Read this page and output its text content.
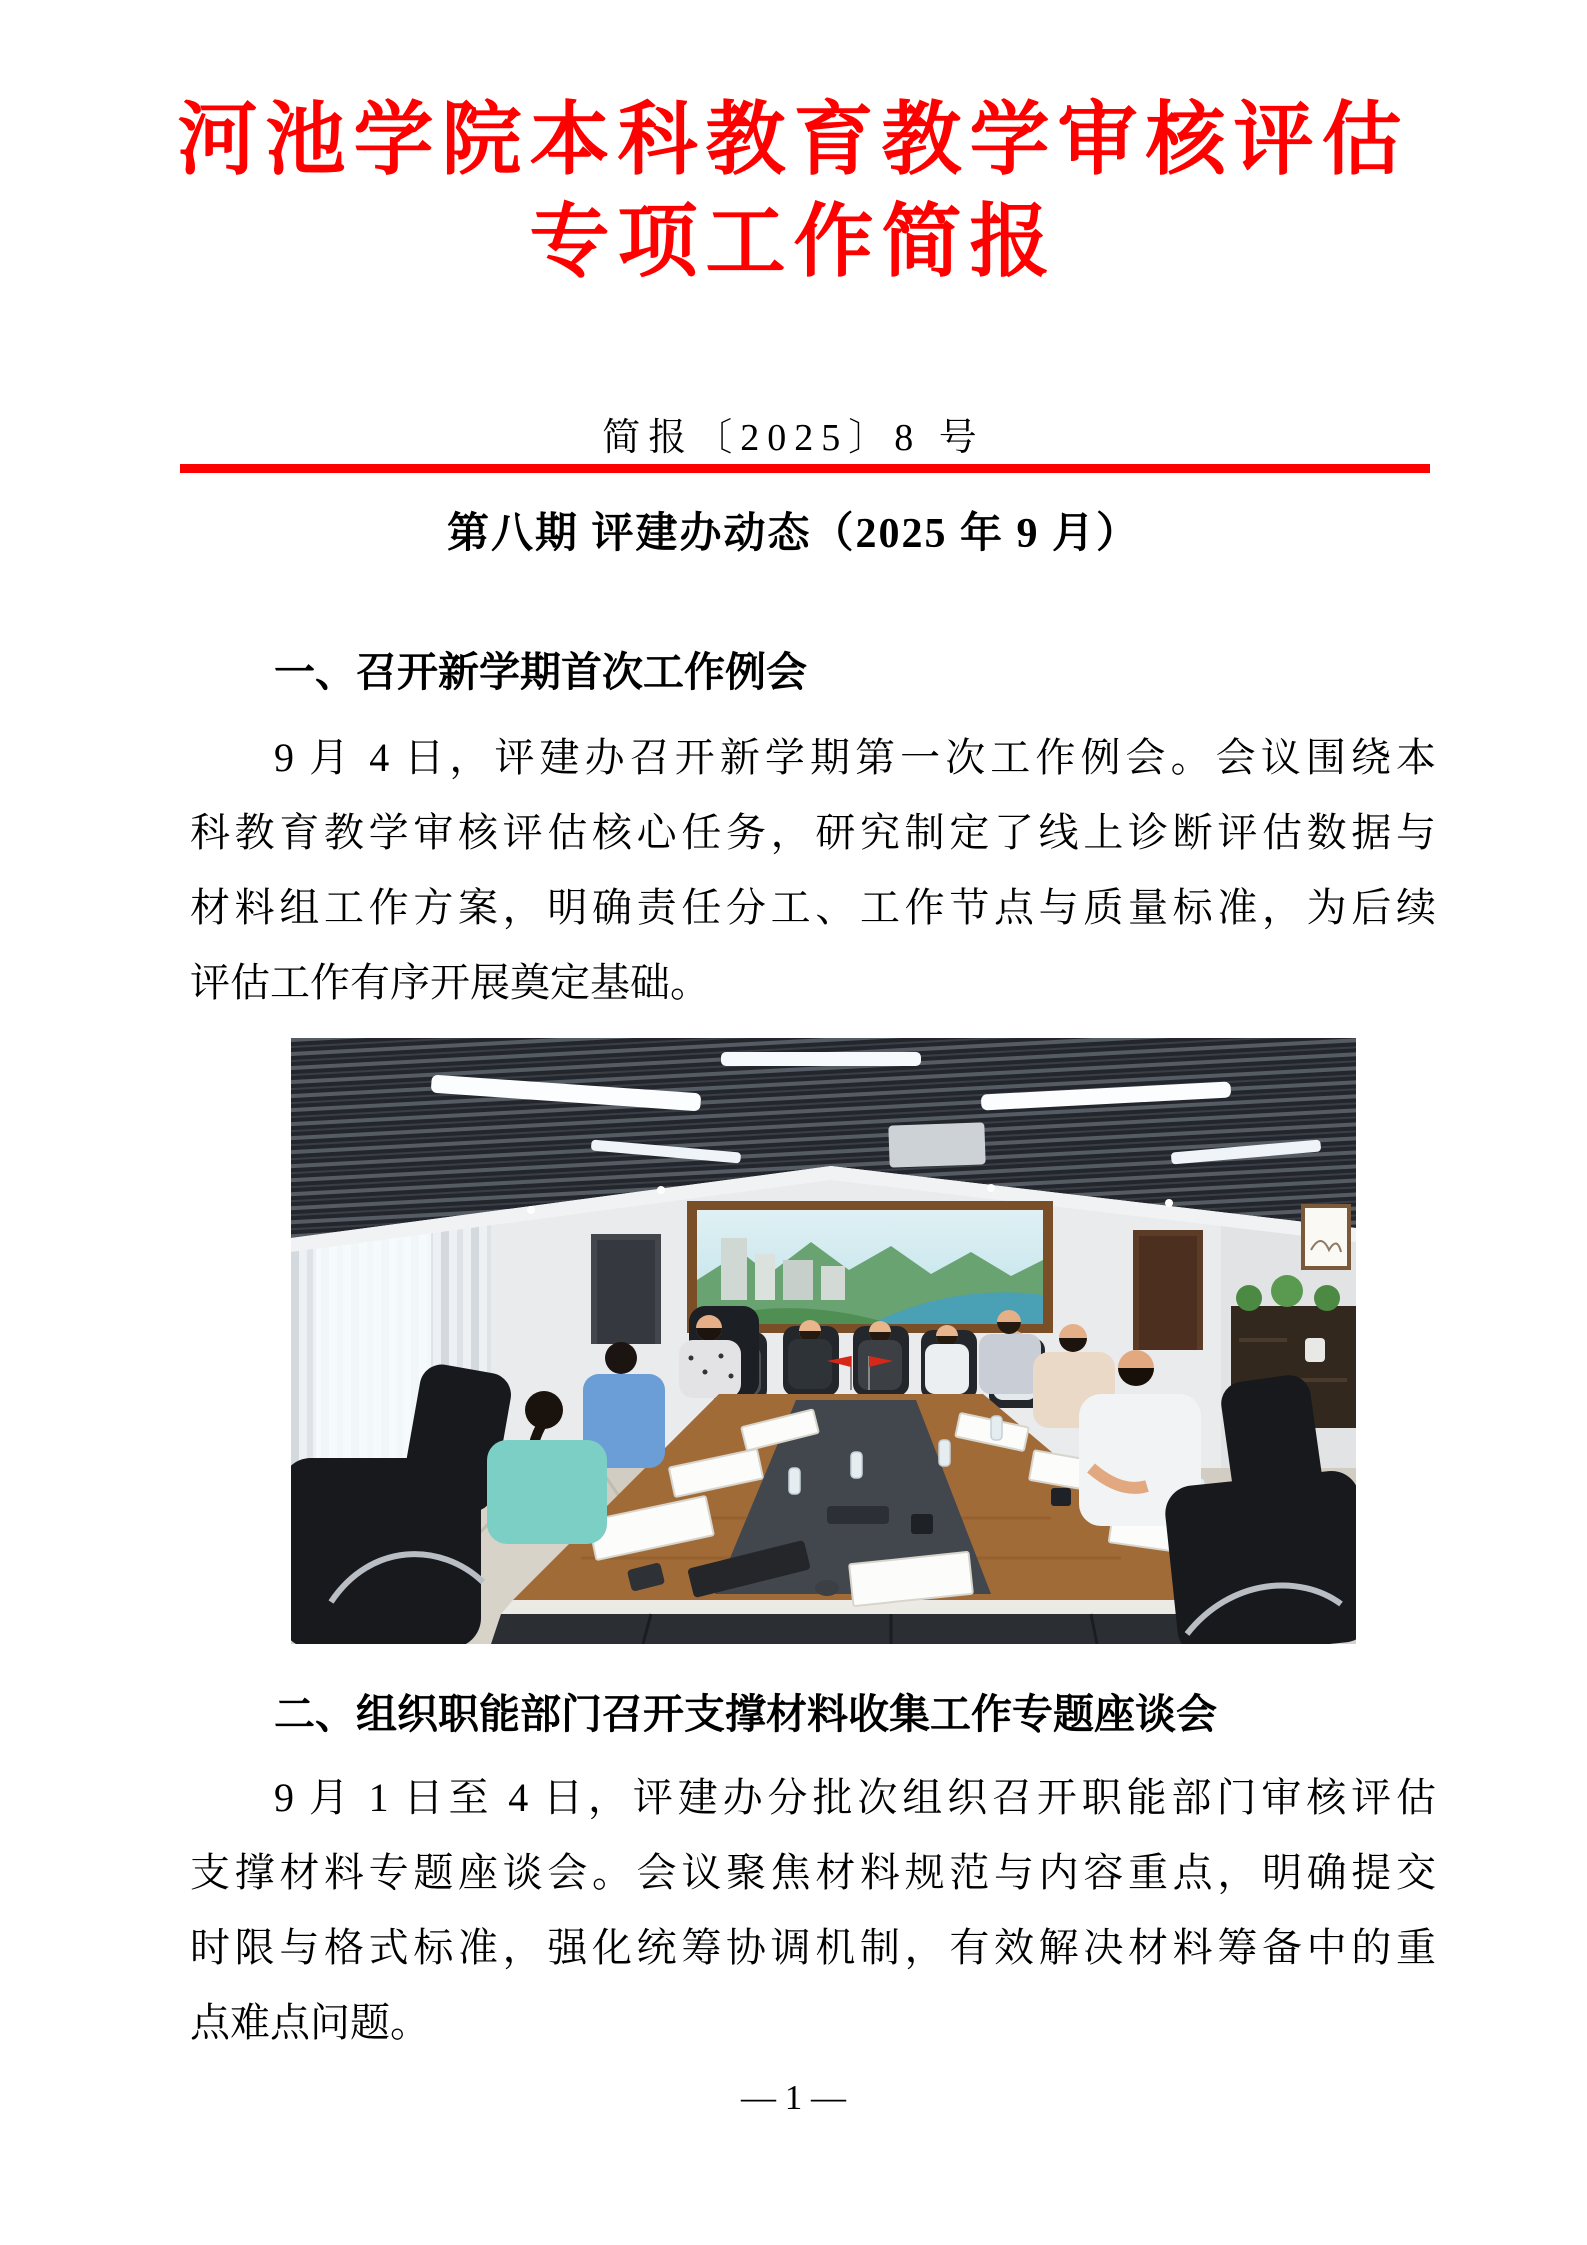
河池学院本科教育教学审核评估
专项工作简报
简报〔2025〕8 号
第八期 评建办动态（2025 年 9 月）
一、召开新学期首次工作例会
9 月 4 日，评建办召开新学期第一次工作例会。会议围绕本
科教育教学审核评估核心任务，研究制定了线上诊断评估数据与
材料组工作方案，明确责任分工、工作节点与质量标准，为后续
评估工作有序开展奠定基础。
二、组织职能部门召开支撑材料收集工作专题座谈会
9 月 1 日至 4 日，评建办分批次组织召开职能部门审核评估
支撑材料专题座谈会。会议聚焦材料规范与内容重点，明确提交
时限与格式标准，强化统筹协调机制，有效解决材料筹备中的重
点难点问题。
— 1 —
